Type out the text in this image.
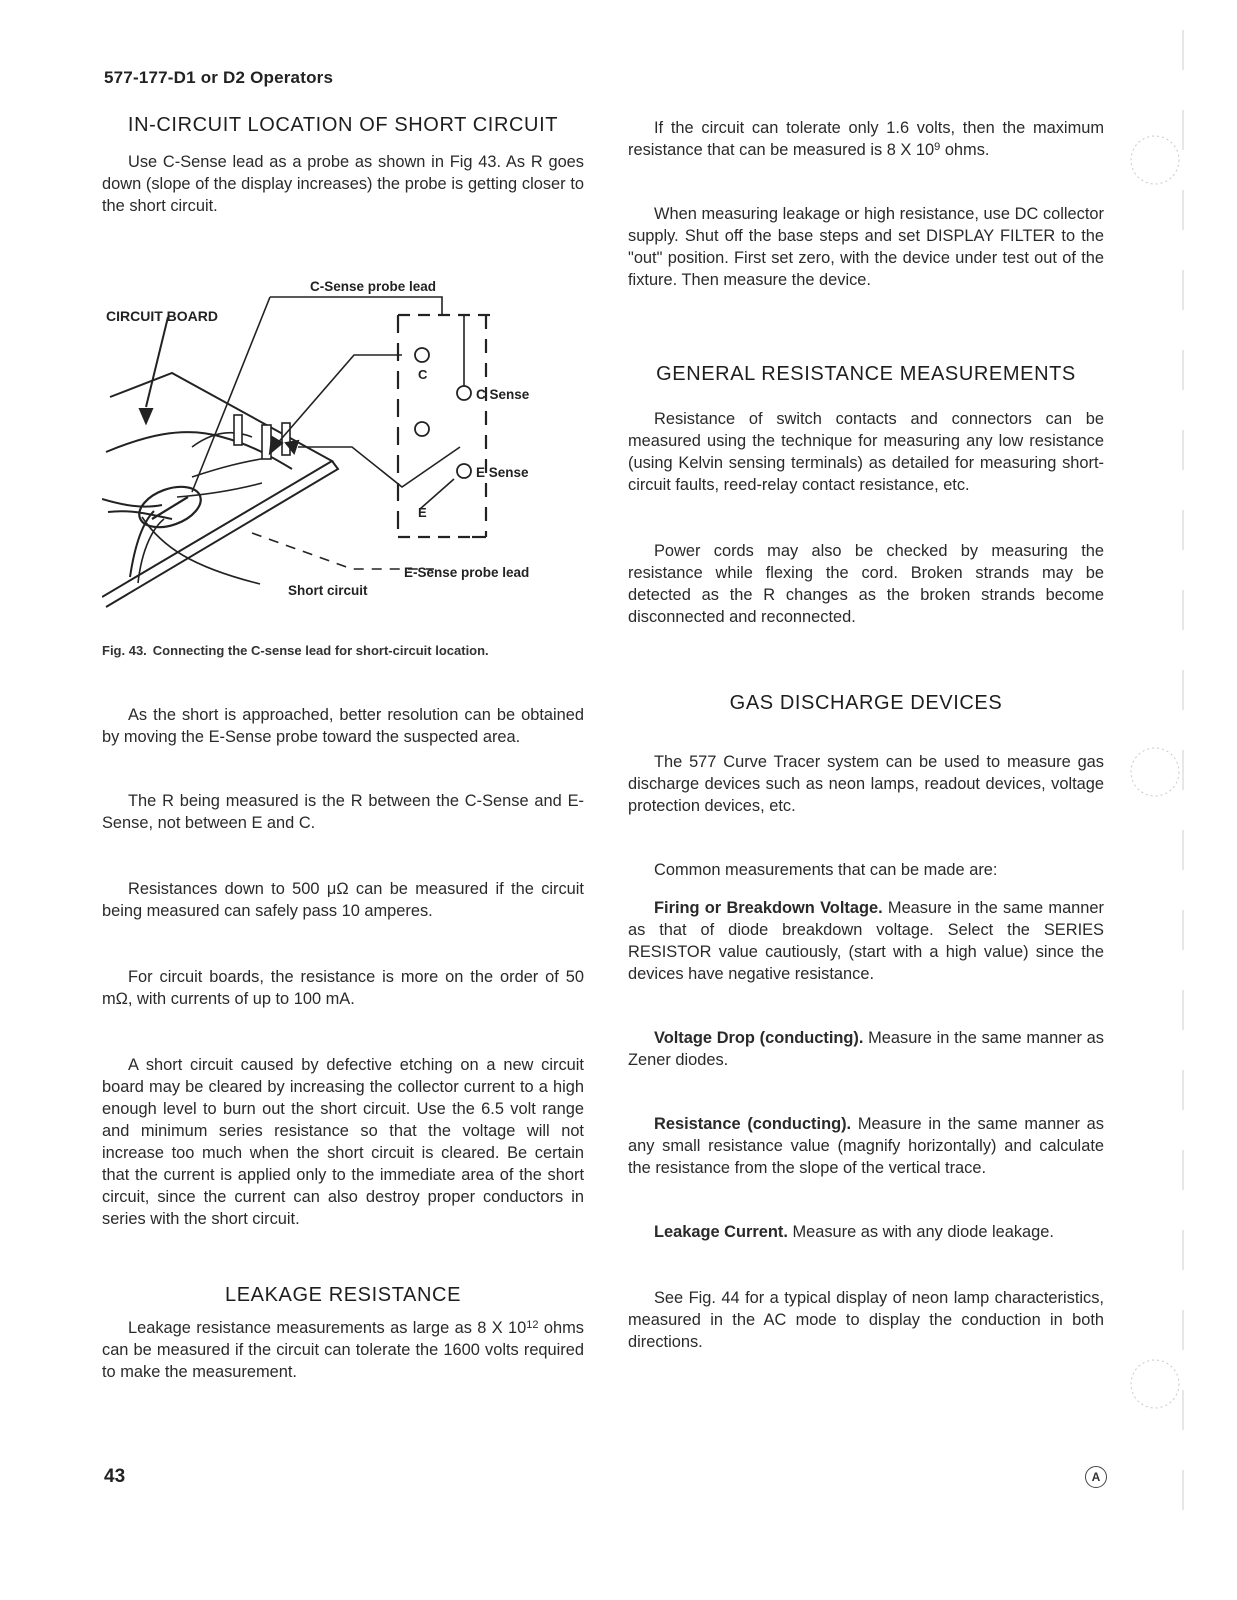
577-177-D1 or D2 Operators
IN-CIRCUIT LOCATION OF SHORT CIRCUIT

Use C-Sense lead as a probe as shown in Fig 43. As R goes down (slope of the display increases) the probe is getting closer to the short circuit.

C-Sense probe lead
CIRCUIT BOARD
C
C Sense
E Sense
E
E-Sense probe lead
Short circuit
Fig. 43. Connecting the C-sense lead for short-circuit location.

As the short is approached, better resolution can be obtained by moving the E-Sense probe toward the suspected area.

The R being measured is the R between the C-Sense and E-Sense, not between E and C.

Resistances down to 500 μΩ can be measured if the circuit being measured can safely pass 10 amperes.

For circuit boards, the resistance is more on the order of 50 mΩ, with currents of up to 100 mA.

A short circuit caused by defective etching on a new circuit board may be cleared by increasing the collector current to a high enough level to burn out the short circuit. Use the 6.5 volt range and minimum series resistance so that the voltage will not increase too much when the short circuit is cleared. Be certain that the current is applied only to the immediate area of the short circuit, since the current can also destroy proper conductors in series with the short circuit.

LEAKAGE RESISTANCE

Leakage resistance measurements as large as 8 X $10^{12}$ ohms can be measured if the circuit can tolerate the 1600 volts required to make the measurement.

If the circuit can tolerate only 1.6 volts, then the maximum resistance that can be measured is 8 X $10^9$ ohms.

When measuring leakage or high resistance, use DC collector supply. Shut off the base steps and set DISPLAY FILTER to the "out" position. First set zero, with the device under test out of the fixture. Then measure the device.

GENERAL RESISTANCE MEASUREMENTS

Resistance of switch contacts and connectors can be measured using the technique for measuring any low resistance (using Kelvin sensing terminals) as detailed for measuring short-circuit faults, reed-relay contact resistance, etc.

Power cords may also be checked by measuring the resistance while flexing the cord. Broken strands may be detected as the R changes as the broken strands become disconnected and reconnected.

GAS DISCHARGE DEVICES

The 577 Curve Tracer system can be used to measure gas discharge devices such as neon lamps, readout devices, voltage protection devices, etc.

Common measurements that can be made are:

Firing or Breakdown Voltage. Measure in the same manner as that of diode breakdown voltage. Select the SERIES RESISTOR value cautiously, (start with a high value) since the devices have negative resistance.

Voltage Drop (conducting). Measure in the same manner as Zener diodes.

Resistance (conducting). Measure in the same manner as any small resistance value (magnify horizontally) and calculate the resistance from the slope of the vertical trace.

Leakage Current. Measure as with any diode leakage.

See Fig. 44 for a typical display of neon lamp characteristics, measured in the AC mode to display the conduction in both directions.

43	A
